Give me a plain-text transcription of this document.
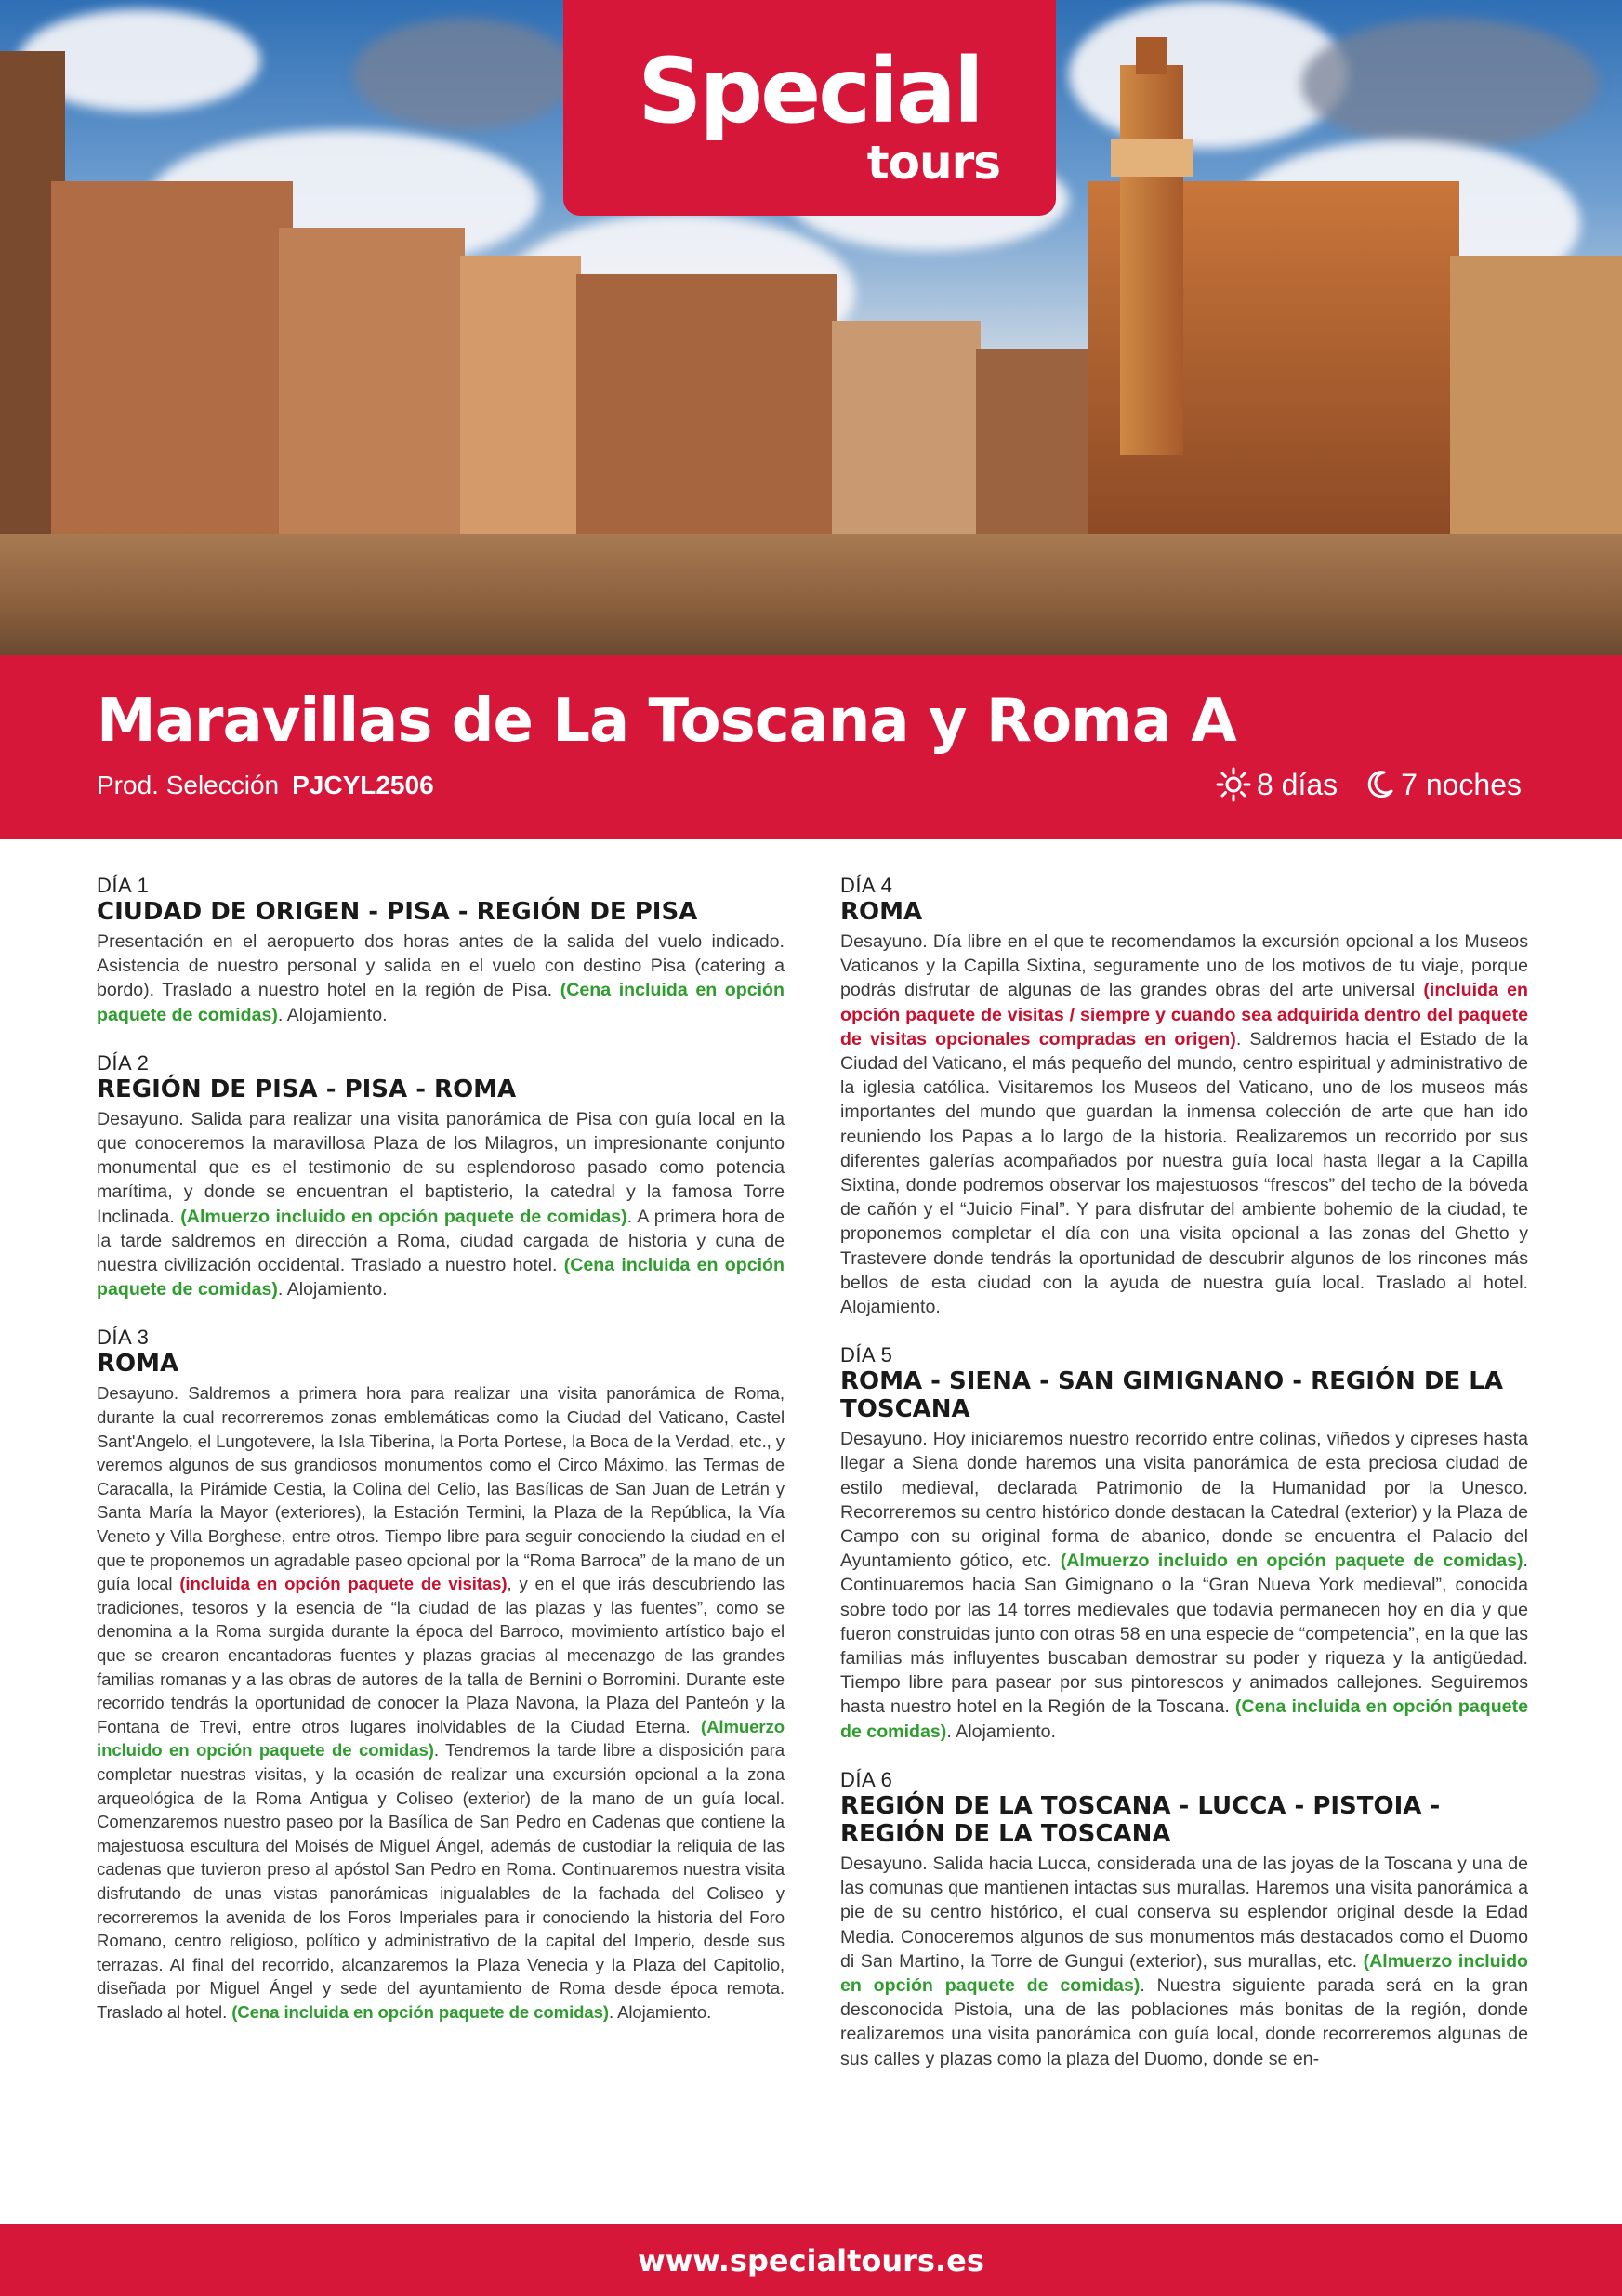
Special
tours
Maravillas de La Toscana y Roma A
Prod. Selección PJCYL2506	8 días 7 noches
DÍA 1
CIUDAD DE ORIGEN - PISA - REGIÓN DE PISA
Presentación en el aeropuerto dos horas antes de la salida del vuelo indicado. Asistencia de nuestro personal y salida en el vuelo con destino Pisa (catering a bordo). Traslado a nuestro hotel en la región de Pisa. (Cena incluida en opción paquete de comidas). Alojamiento.
DÍA 2
REGIÓN DE PISA - PISA - ROMA
Desayuno. Salida para realizar una visita panorámica de Pisa con guía local en la que conoceremos la maravillosa Plaza de los Milagros, un impresionante conjunto monumental que es el testimonio de su esplendoroso pasado como potencia marítima, y donde se encuentran el baptisterio, la catedral y la famosa Torre Inclinada. (Almuerzo incluido en opción paquete de comidas). A primera hora de la tarde saldremos en dirección a Roma, ciudad cargada de historia y cuna de nuestra civilización occidental. Traslado a nuestro hotel. (Cena incluida en opción paquete de comidas). Alojamiento.
DÍA 3
ROMA
Desayuno. Saldremos a primera hora para realizar una visita panorámica de Roma, durante la cual recorreremos zonas emblemáticas como la Ciudad del Vaticano, Castel Sant'Angelo, el Lungotevere, la Isla Tiberina, la Porta Portese, la Boca de la Verdad, etc., y veremos algunos de sus grandiosos monumentos como el Circo Máximo, las Termas de Caracalla, la Pirámide Cestia, la Colina del Celio, las Basílicas de San Juan de Letrán y Santa María la Mayor (exteriores), la Estación Termini, la Plaza de la República, la Vía Veneto y Villa Borghese, entre otros. Tiempo libre para seguir conociendo la ciudad en el que te proponemos un agradable paseo opcional por la “Roma Barroca” de la mano de un guía local (incluida en opción paquete de visitas), y en el que irás descubriendo las tradiciones, tesoros y la esencia de “la ciudad de las plazas y las fuentes”, como se denomina a la Roma surgida durante la época del Barroco, movimiento artístico bajo el que se crearon encantadoras fuentes y plazas gracias al mecenazgo de las grandes familias romanas y a las obras de autores de la talla de Bernini o Borromini. Durante este recorrido tendrás la oportunidad de conocer la Plaza Navona, la Plaza del Panteón y la Fontana de Trevi, entre otros lugares inolvidables de la Ciudad Eterna. (Almuerzo incluido en opción paquete de comidas). Tendremos la tarde libre a disposición para completar nuestras visitas, y la ocasión de realizar una excursión opcional a la zona arqueológica de la Roma Antigua y Coliseo (exterior) de la mano de un guía local. Comenzaremos nuestro paseo por la Basílica de San Pedro en Cadenas que contiene la majestuosa escultura del Moisés de Miguel Ángel, además de custodiar la reliquia de las cadenas que tuvieron preso al apóstol San Pedro en Roma. Continuaremos nuestra visita disfrutando de unas vistas panorámicas inigualables de la fachada del Coliseo y recorreremos la avenida de los Foros Imperiales para ir conociendo la historia del Foro Romano, centro religioso, político y administrativo de la capital del Imperio, desde sus terrazas. Al final del recorrido, alcanzaremos la Plaza Venecia y la Plaza del Capitolio, diseñada por Miguel Ángel y sede del ayuntamiento de Roma desde época remota. Traslado al hotel. (Cena incluida en opción paquete de comidas). Alojamiento.
DÍA 4
ROMA
Desayuno. Día libre en el que te recomendamos la excursión opcional a los Museos Vaticanos y la Capilla Sixtina, seguramente uno de los motivos de tu viaje, porque podrás disfrutar de algunas de las grandes obras del arte universal (incluida en opción paquete de visitas / siempre y cuando sea adquirida dentro del paquete de visitas opcionales compradas en origen). Saldremos hacia el Estado de la Ciudad del Vaticano, el más pequeño del mundo, centro espiritual y administrativo de la iglesia católica. Visitaremos los Museos del Vaticano, uno de los museos más importantes del mundo que guardan la inmensa colección de arte que han ido reuniendo los Papas a lo largo de la historia. Realizaremos un recorrido por sus diferentes galerías acompañados por nuestra guía local hasta llegar a la Capilla Sixtina, donde podremos observar los majestuosos “frescos” del techo de la bóveda de cañón y el “Juicio Final”. Y para disfrutar del ambiente bohemio de la ciudad, te proponemos completar el día con una visita opcional a las zonas del Ghetto y Trastevere donde tendrás la oportunidad de descubrir algunos de los rincones más bellos de esta ciudad con la ayuda de nuestra guía local. Traslado al hotel. Alojamiento.
DÍA 5
ROMA - SIENA - SAN GIMIGNANO - REGIÓN DE LA TOSCANA
Desayuno. Hoy iniciaremos nuestro recorrido entre colinas, viñedos y cipreses hasta llegar a Siena donde haremos una visita panorámica de esta preciosa ciudad de estilo medieval, declarada Patrimonio de la Humanidad por la Unesco. Recorreremos su centro histórico donde destacan la Catedral (exterior) y la Plaza de Campo con su original forma de abanico, donde se encuentra el Palacio del Ayuntamiento gótico, etc. (Almuerzo incluido en opción paquete de comidas). Continuaremos hacia San Gimignano o la “Gran Nueva York medieval”, conocida sobre todo por las 14 torres medievales que todavía permanecen hoy en día y que fueron construidas junto con otras 58 en una especie de “competencia”, en la que las familias más influyentes buscaban demostrar su poder y riqueza y la antigüedad. Tiempo libre para pasear por sus pintorescos y animados callejones. Seguiremos hasta nuestro hotel en la Región de la Toscana. (Cena incluida en opción paquete de comidas). Alojamiento.
DÍA 6
REGIÓN DE LA TOSCANA - LUCCA - PISTOIA - REGIÓN DE LA TOSCANA
Desayuno. Salida hacia Lucca, considerada una de las joyas de la Toscana y una de las comunas que mantienen intactas sus murallas. Haremos una visita panorámica a pie de su centro histórico, el cual conserva su esplendor original desde la Edad Media. Conoceremos algunos de sus monumentos más destacados como el Duomo di San Martino, la Torre de Gungui (exterior), sus murallas, etc. (Almuerzo incluido en opción paquete de comidas). Nuestra siguiente parada será en la gran desconocida Pistoia, una de las poblaciones más bonitas de la región, donde realizaremos una visita panorámica con guía local, donde recorreremos algunas de sus calles y plazas como la plaza del Duomo, donde se en-
www.specialtours.es
